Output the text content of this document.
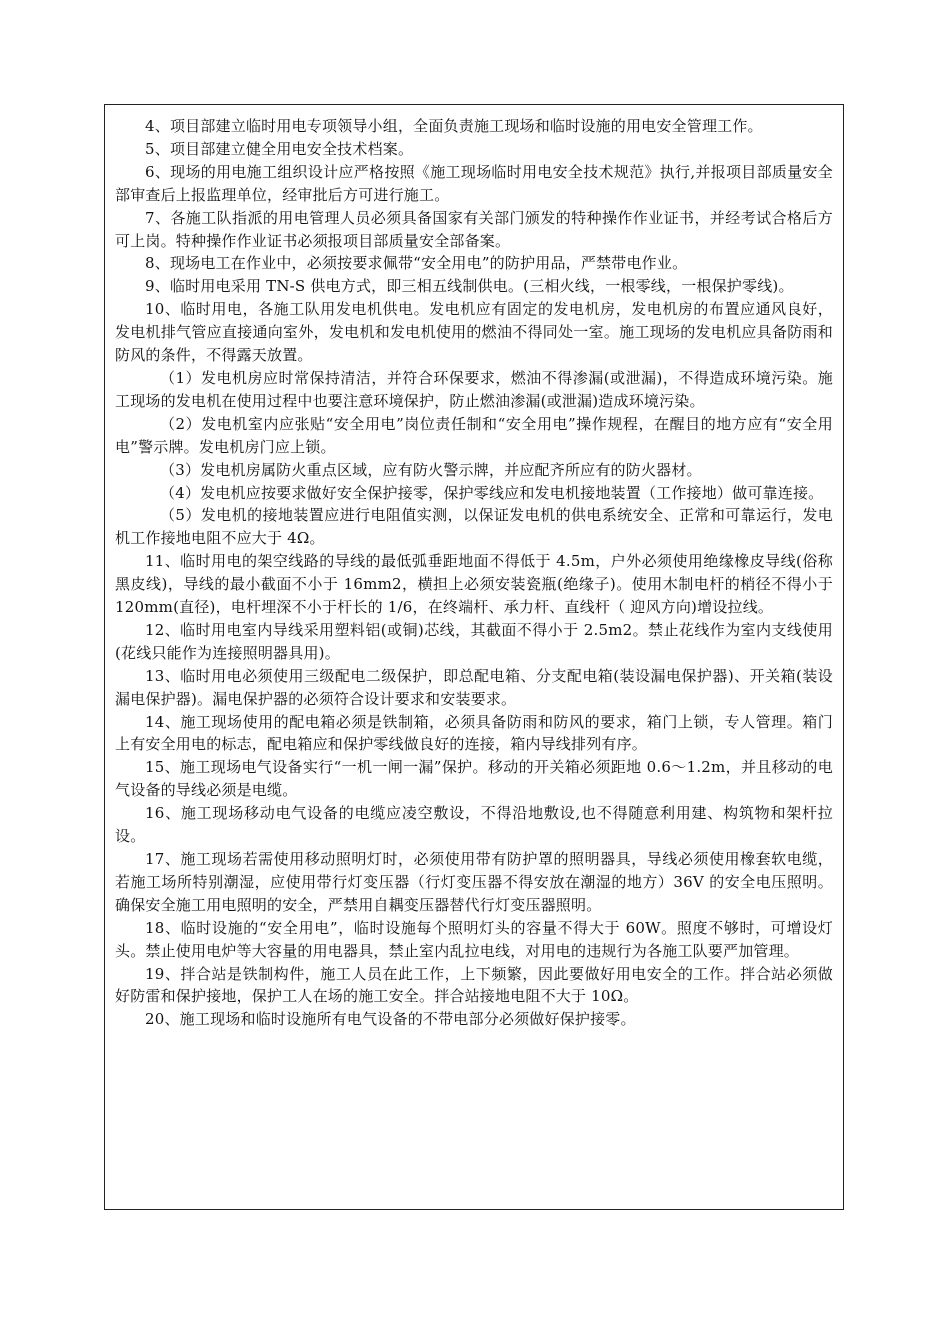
4、项目部建立临时用电专项领导小组，全面负责施工现场和临时设施的用电安全管理工作。

5、项目部建立健全用电安全技术档案。

6、现场的用电施工组织设计应严格按照《施工现场临时用电安全技术规范》执行,并报项目部质量安全部审查后上报监理单位，经审批后方可进行施工。

7、各施工队指派的用电管理人员必须具备国家有关部门颁发的特种操作作业证书，并经考试合格后方可上岗。特种操作作业证书必须报项目部质量安全部备案。

8、现场电工在作业中，必须按要求佩带“安全用电”的防护用品，严禁带电作业。

9、临时用电采用 TN-S 供电方式，即三相五线制供电。(三相火线，一根零线，一根保护零线)。

10、临时用电，各施工队用发电机供电。发电机应有固定的发电机房，发电机房的布置应通风良好，发电机排气管应直接通向室外，发电机和发电机使用的燃油不得同处一室。施工现场的发电机应具备防雨和防风的条件，不得露天放置。

（1）发电机房应时常保持清洁，并符合环保要求，燃油不得渗漏(或泄漏)，不得造成环境污染。施工现场的发电机在使用过程中也要注意环境保护，防止燃油渗漏(或泄漏)造成环境污染。

（2）发电机室内应张贴“安全用电”岗位责任制和“安全用电”操作规程，在醒目的地方应有“安全用电”警示牌。发电机房门应上锁。

（3）发电机房属防火重点区域，应有防火警示牌，并应配齐所应有的防火器材。

（4）发电机应按要求做好安全保护接零，保护零线应和发电机接地装置（工作接地）做可靠连接。

（5）发电机的接地装置应进行电阻值实测，以保证发电机的供电系统安全、正常和可靠运行，发电机工作接地电阻不应大于 4Ω。

11、临时用电的架空线路的导线的最低弧垂距地面不得低于 4.5m，户外必须使用绝缘橡皮导线(俗称黑皮线)，导线的最小截面不小于 16mm2，横担上必须安装瓷瓶(绝缘子)。使用木制电杆的梢径不得小于 120mm(直径)，电杆埋深不小于杆长的 1/6，在终端杆、承力杆、直线杆（ 迎风方向)增设拉线。

12、临时用电室内导线采用塑料铝(或铜)芯线，其截面不得小于 2.5m2。禁止花线作为室内支线使用(花线只能作为连接照明器具用)。

13、临时用电必须使用三级配电二级保护，即总配电箱、分支配电箱(装设漏电保护器)、开关箱(装设漏电保护器)。漏电保护器的必须符合设计要求和安装要求。

14、施工现场使用的配电箱必须是铁制箱，必须具备防雨和防风的要求，箱门上锁，专人管理。箱门上有安全用电的标志，配电箱应和保护零线做良好的连接，箱内导线排列有序。

15、施工现场电气设备实行“一机一闸一漏”保护。移动的开关箱必须距地 0.6～1.2m，并且移动的电气设备的导线必须是电缆。

16、施工现场移动电气设备的电缆应凌空敷设，不得沿地敷设,也不得随意利用建、构筑物和架杆拉设。

17、施工现场若需使用移动照明灯时，必须使用带有防护罩的照明器具，导线必须使用橡套软电缆，若施工场所特别潮湿，应使用带行灯变压器（行灯变压器不得安放在潮湿的地方）36V 的安全电压照明。确保安全施工用电照明的安全，严禁用自耦变压器替代行灯变压器照明。

18、临时设施的“安全用电”，临时设施每个照明灯头的容量不得大于 60W。照度不够时，可增设灯头。禁止使用电炉等大容量的用电器具，禁止室内乱拉电线，对用电的违规行为各施工队要严加管理。

19、拌合站是铁制构件，施工人员在此工作，上下频繁，因此要做好用电安全的工作。拌合站必须做好防雷和保护接地，保护工人在场的施工安全。拌合站接地电阻不大于 10Ω。

20、施工现场和临时设施所有电气设备的不带电部分必须做好保护接零。
